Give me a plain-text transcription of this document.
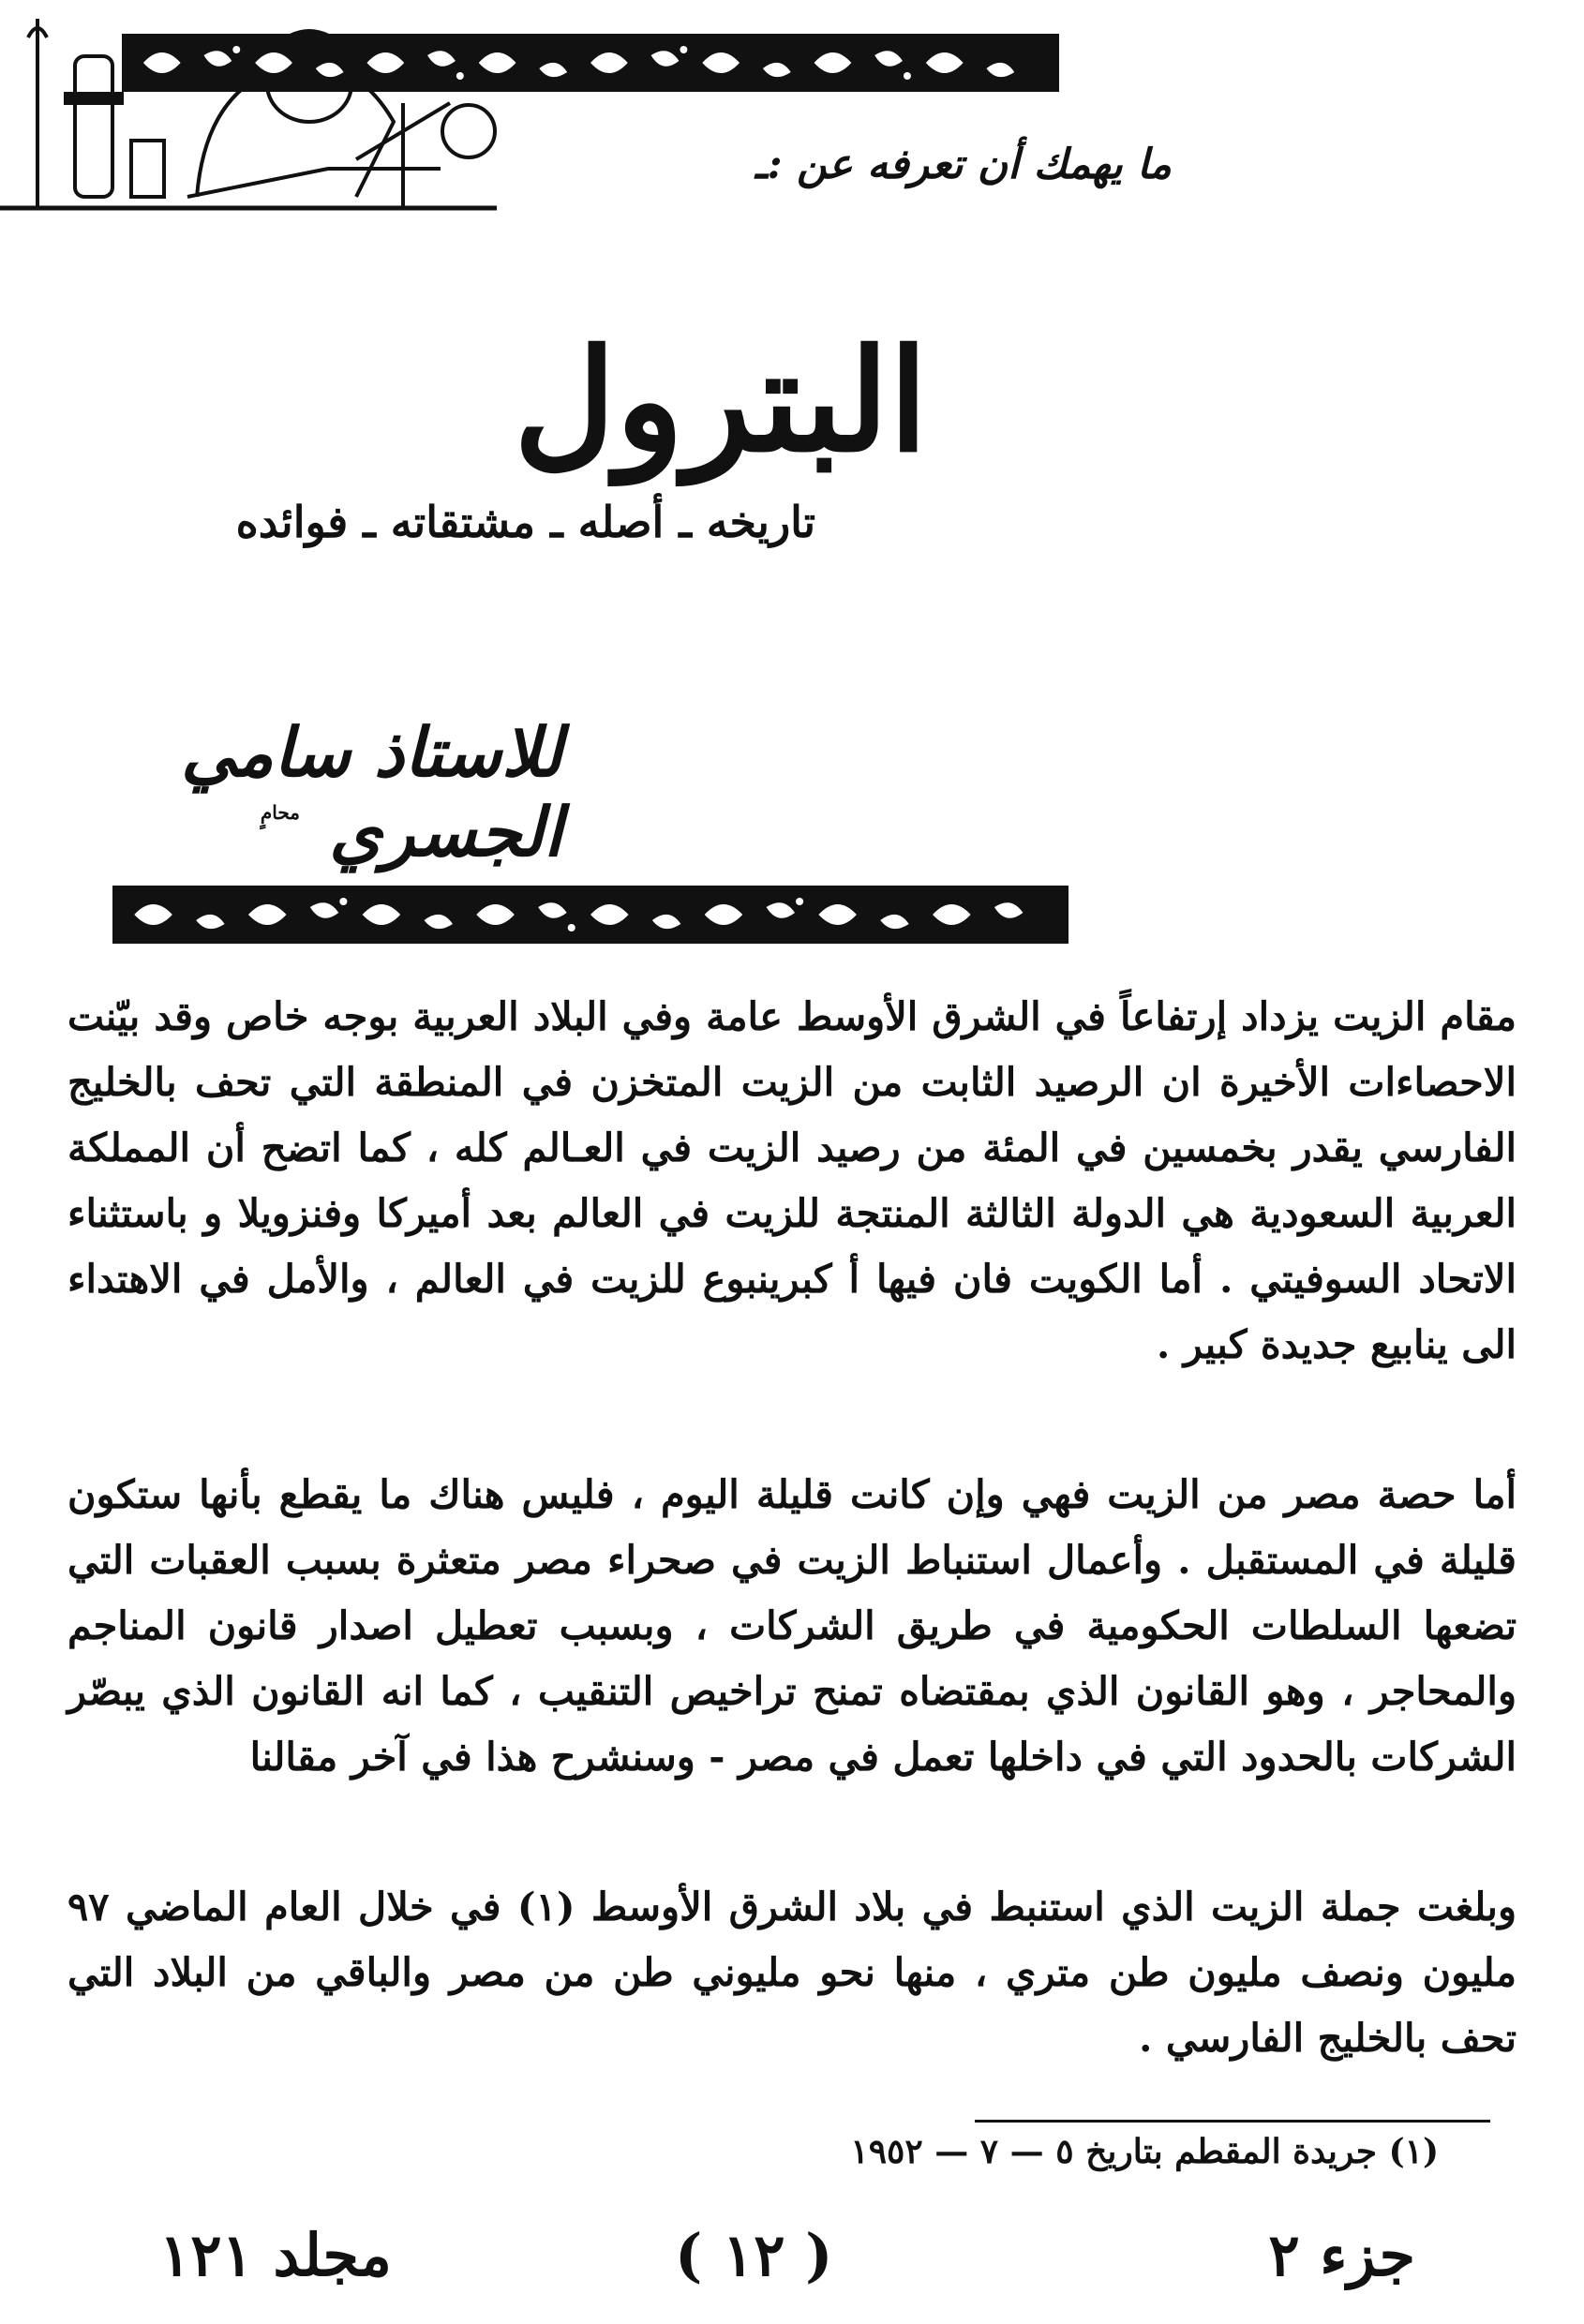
ما يهمك أن تعرفه عن :ـ
البترول
تاريخه ـ أصله ـ مشتقاته ـ فوائده
للاستاذ سامي الجسري
محامٍ
مقام الزيت يزداد إرتفاعاً في الشرق الأوسط عامة وفي البلاد العربية بوجه خاص وقد بيّنت الاحصاءات الأخيرة ان الرصيد الثابت من الزيت المتخزن في المنطقة التي تحف بالخليج الفارسي يقدر بخمسين في المئة من رصيد الزيت في العـالم كله ، كما اتضح أن المملكة العربية السعودية هي الدولة الثالثة المنتجة للزيت في العالم بعد أميركا وفنزويلا و باستثناء الاتحاد السوفيتي . أما الكويت فان فيها أ كبرينبوع للزيت في العالم ، والأمل في الاهتداء الى ينابيع جديدة كبير .
أما حصة مصر من الزيت فهي وإن كانت قليلة اليوم ، فليس هناك ما يقطع بأنها ستكون قليلة في المستقبل . وأعمال استنباط الزيت في صحراء مصر متعثرة بسبب العقبات التي تضعها السلطات الحكومية في طريق الشركات ، وبسبب تعطيل اصدار قانون المناجم والمحاجر ، وهو القانون الذي بمقتضاه تمنح تراخيص التنقيب ، كما انه القانون الذي يبصّر الشركات بالحدود التي في داخلها تعمل في مصر - وسنشرح هذا في آخر مقالنا
وبلغت جملة الزيت الذي استنبط في بلاد الشرق الأوسط (١) في خلال العام الماضي ٩٧ مليون ونصف مليون طن متري ، منها نحو مليوني طن من مصر والباقي من البلاد التي تحف بالخليج الفارسي .
(١) جريدة المقطم بتاريخ ٥ — ٧ — ١٩٥٢
جزء ٢
( ١٢ )
مجلد ١٢١
